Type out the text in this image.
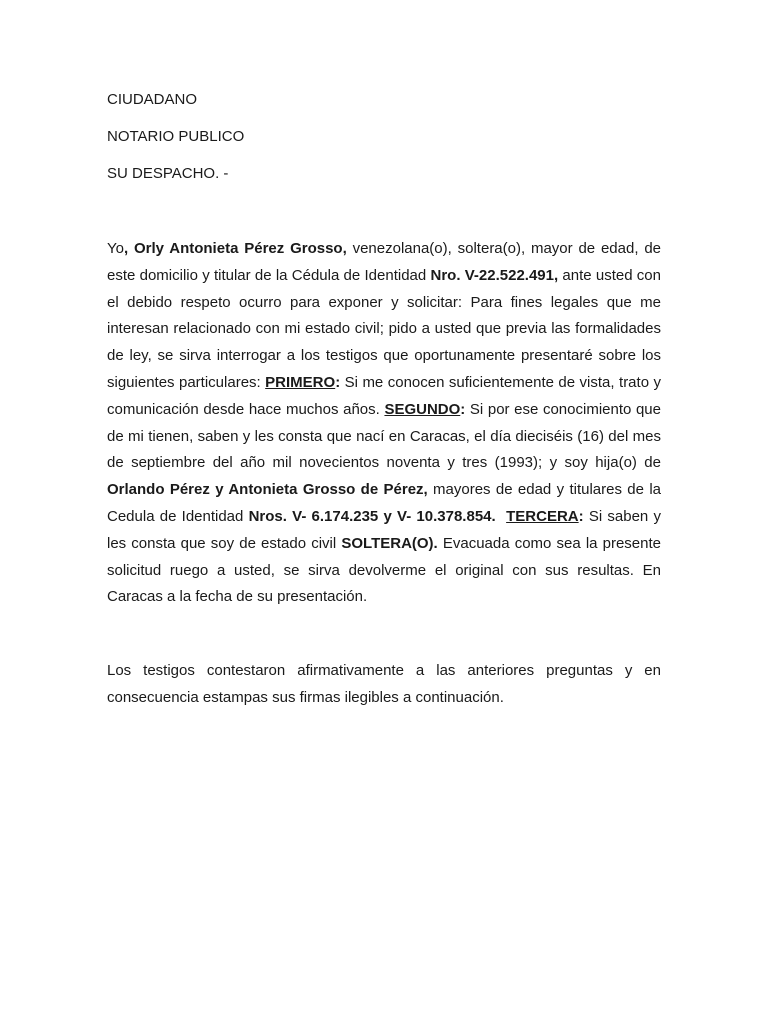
CIUDADANO

NOTARIO PUBLICO

SU DESPACHO. -

Yo, Orly Antonieta Pérez Grosso, venezolana(o), soltera(o), mayor de edad, de este domicilio y titular de la Cédula de Identidad Nro. V-22.522.491, ante usted con el debido respeto ocurro para exponer y solicitar: Para fines legales que me interesan relacionado con mi estado civil; pido a usted que previa las formalidades de ley, se sirva interrogar a los testigos que oportunamente presentaré sobre los siguientes particulares: PRIMERO: Si me conocen suficientemente de vista, trato y comunicación desde hace muchos años. SEGUNDO: Si por ese conocimiento que de mi tienen, saben y les consta que nací en Caracas, el día dieciséis (16) del mes de septiembre del año mil novecientos noventa y tres (1993); y soy hija(o) de Orlando Pérez y Antonieta Grosso de Pérez, mayores de edad y titulares de la Cedula de Identidad Nros. V- 6.174.235 y V- 10.378.854. TERCERA: Si saben y les consta que soy de estado civil SOLTERA(O). Evacuada como sea la presente solicitud ruego a usted, se sirva devolverme el original con sus resultas. En Caracas a la fecha de su presentación.

Los testigos contestaron afirmativamente a las anteriores preguntas y en consecuencia estampas sus firmas ilegibles a continuación.
